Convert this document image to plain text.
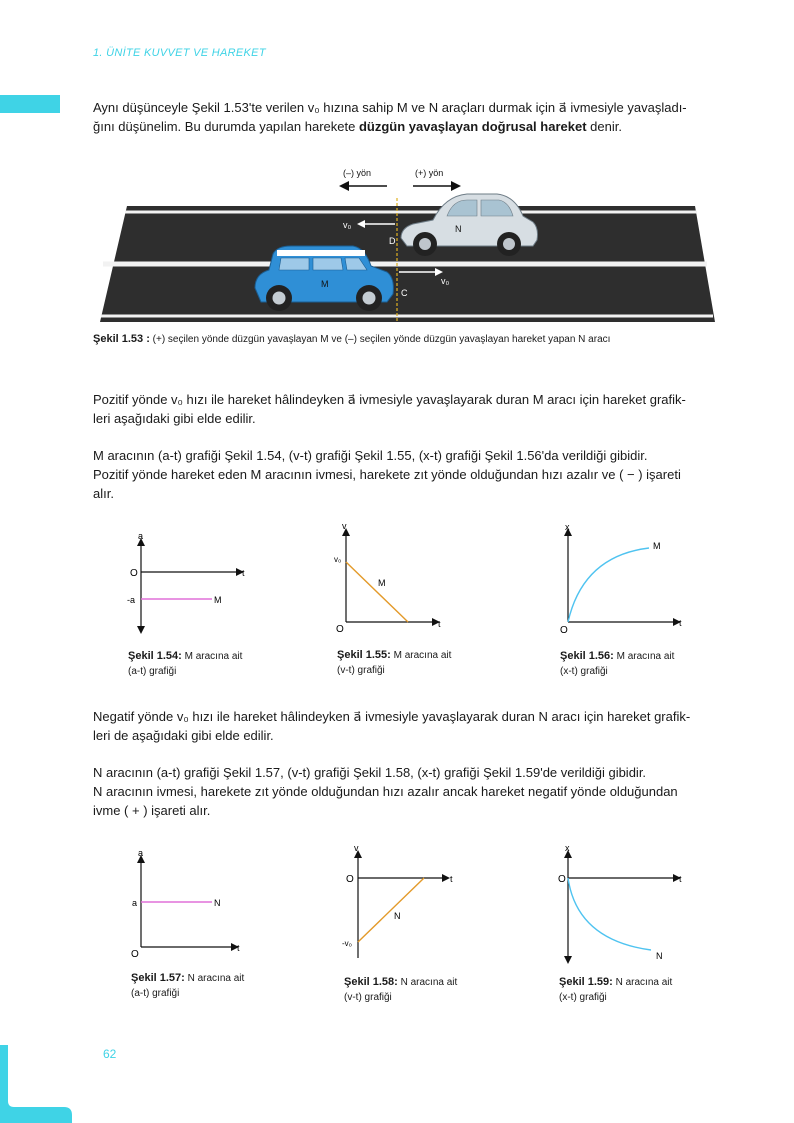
1. ÜNİTE KUVVET VE HAREKET
62
Aynı düşünceyle Şekil 1.53'te verilen v₀ hızına sahip M ve N araçları durmak için a⃗ ivmesiyle yavaşladı-
ğını düşünelim. Bu durumda yapılan harekete düzgün yavaşlayan doğrusal hareket denir.
(–) yön	(+) yön
N
D
v₀
M
C
v₀
Şekil 1.53 : (+) seçilen yönde düzgün yavaşlayan M ve (–) seçilen yönde düzgün yavaşlayan hareket yapan N aracı
Pozitif yönde v₀ hızı ile hareket hâlindeyken a⃗ ivmesiyle yavaşlayarak duran M aracı için hareket grafik-
leri aşağıdaki gibi elde edilir.
M aracının (a-t) grafiği Şekil 1.54, (v-t) grafiği Şekil 1.55, (x-t) grafiği Şekil 1.56'da verildiği gibidir.
Pozitif yönde hareket eden M aracının ivmesi, harekete zıt yönde olduğundan hızı azalır ve ( − ) işareti
alır.
a
t
O
-a	M
Şekil 1.54: M aracına ait
(a-t) grafiği
v
t
O
v₀
M
Şekil 1.55: M aracına ait
(v-t) grafiği
x
t
O
M
Şekil 1.56: M aracına ait
(x-t) grafiği
Negatif yönde v₀ hızı ile hareket hâlindeyken a⃗ ivmesiyle yavaşlayarak duran N aracı için hareket grafik-
leri de aşağıdaki gibi elde edilir.
N aracının (a-t) grafiği Şekil 1.57, (v-t) grafiği Şekil 1.58, (x-t) grafiği Şekil 1.59'de verildiği gibidir.
N aracının ivmesi, harekete zıt yönde olduğundan hızı azalır ancak hareket negatif yönde olduğundan
ivme ( + ) işareti alır.
a
t
O
a	N
Şekil 1.57: N aracına ait
(a-t) grafiği
v
t
O
-v₀
N
Şekil 1.58: N aracına ait
(v-t) grafiği
x
t
O
N
Şekil 1.59: N aracına ait
(x-t) grafiği
